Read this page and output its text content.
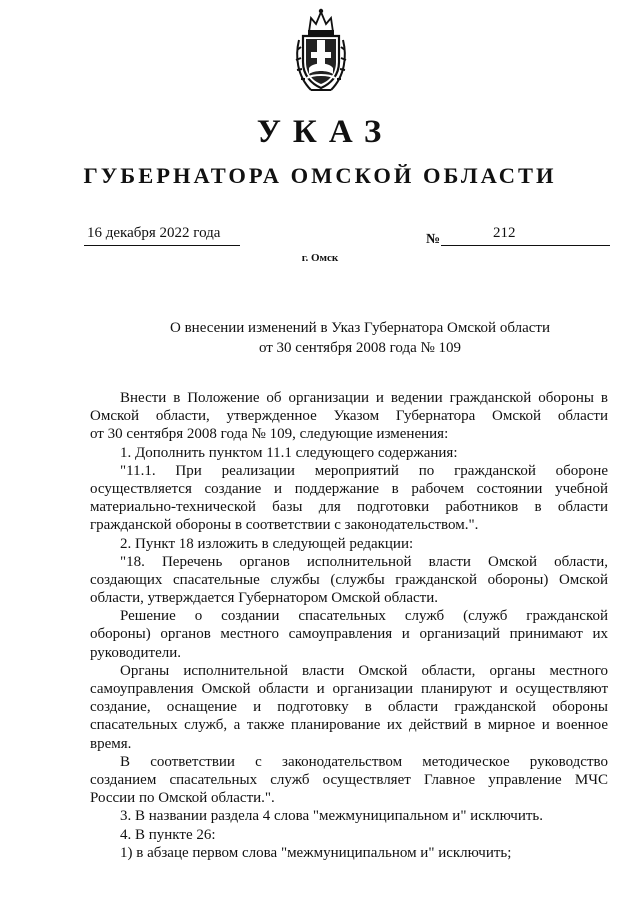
УКАЗ
ГУБЕРНАТОРА ОМСКОЙ ОБЛАСТИ
16 декабря 2022 года	№	212
г. Омск
О внесении изменений в Указ Губернатора Омской области
от 30 сентября 2008 года № 109
Внести в Положение об организации и ведении гражданской обороны в
Омской области, утвержденное Указом Губернатора Омской области
от 30 сентября 2008 года № 109, следующие изменения:
1. Дополнить пунктом 11.1 следующего содержания:
"11.1. При реализации мероприятий по гражданской обороне
осуществляется создание и поддержание в рабочем состоянии учебной
материально-технической базы для подготовки работников в области
гражданской обороны в соответствии с законодательством.".
2. Пункт 18 изложить в следующей редакции:
"18. Перечень органов исполнительной власти Омской области,
создающих спасательные службы (службы гражданской обороны) Омской
области, утверждается Губернатором Омской области.
Решение о создании спасательных служб (служб гражданской
обороны) органов местного самоуправления и организаций принимают их
руководители.
Органы исполнительной власти Омской области, органы местного
самоуправления Омской области и организации планируют и осуществляют
создание, оснащение и подготовку в области гражданской обороны
спасательных служб, а также планирование их действий в мирное и военное
время.
В соответствии с законодательством методическое руководство
созданием спасательных служб осуществляет Главное управление МЧС
России по Омской области.".
3. В названии раздела 4 слова "межмуниципальном и" исключить.
4. В пункте 26:
1) в абзаце первом слова "межмуниципальном и" исключить;
